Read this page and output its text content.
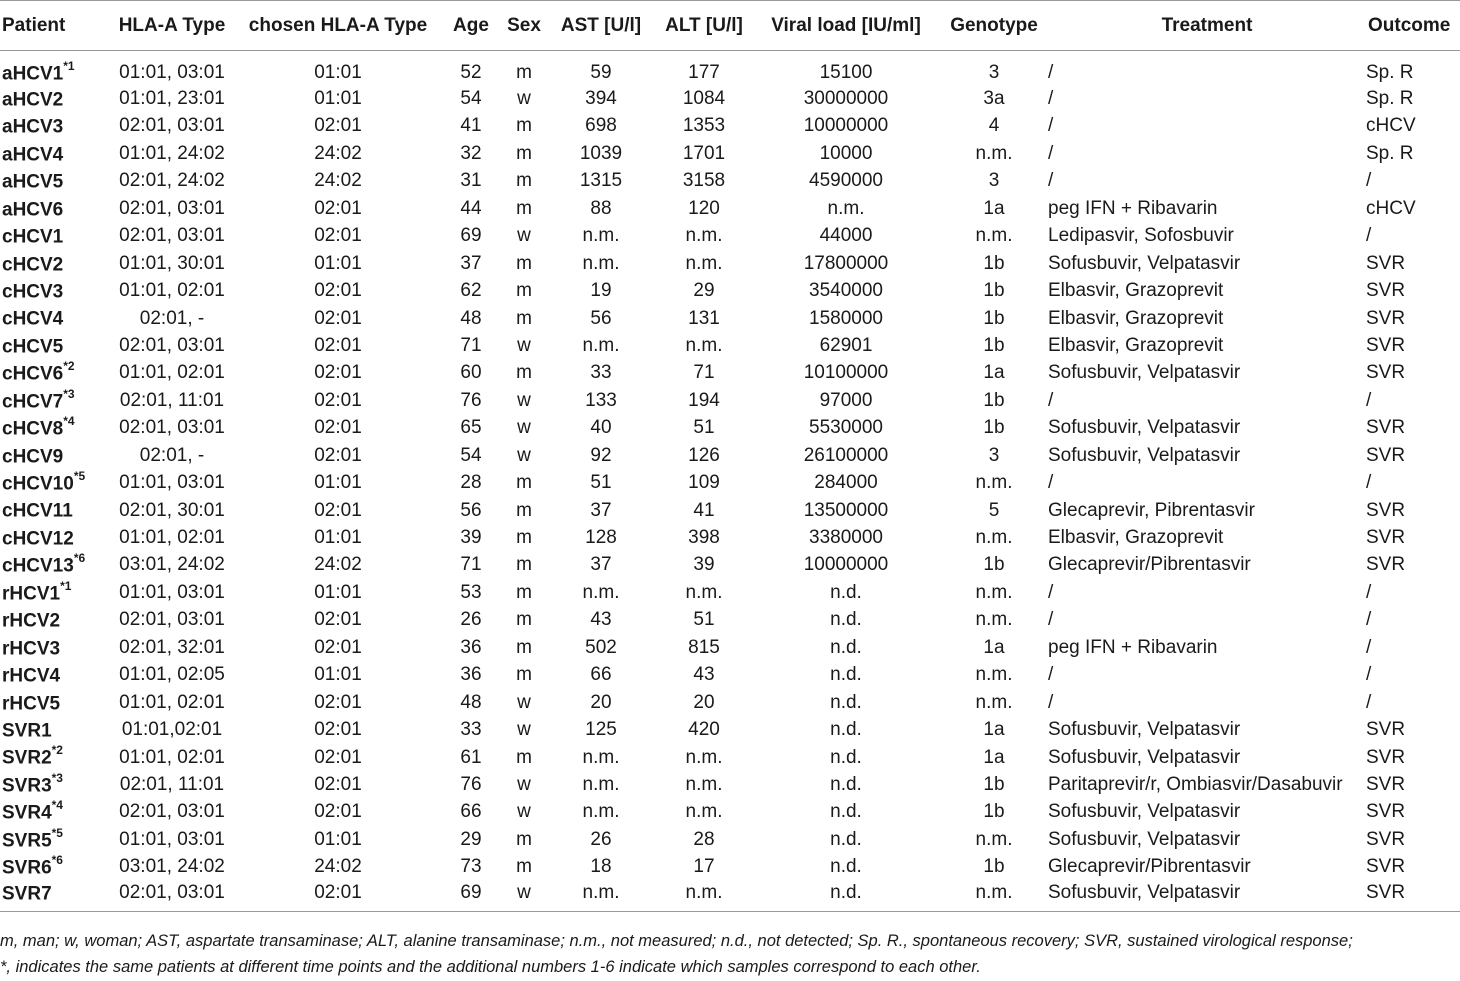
Patient	HLA-A Type	chosen HLA-A Type	Age	Sex	AST [U/l]	ALT [U/l]	Viral load [IU/ml]	Genotype	Treatment	Outcome
aHCV1$^{*1}$	01:01, 03:01	01:01	52	m	59	177	15100	3	/	Sp. R
aHCV2	01:01, 23:01	01:01	54	w	394	1084	30000000	3a	/	Sp. R
aHCV3	02:01, 03:01	02:01	41	m	698	1353	10000000	4	/	cHCV
aHCV4	01:01, 24:02	24:02	32	m	1039	1701	10000	n.m.	/	Sp. R
aHCV5	02:01, 24:02	24:02	31	m	1315	3158	4590000	3	/	/
aHCV6	02:01, 03:01	02:01	44	m	88	120	n.m.	1a	peg IFN + Ribavarin	cHCV
cHCV1	02:01, 03:01	02:01	69	w	n.m.	n.m.	44000	n.m.	Ledipasvir, Sofosbuvir	/
cHCV2	01:01, 30:01	01:01	37	m	n.m.	n.m.	17800000	1b	Sofusbuvir, Velpatasvir	SVR
cHCV3	01:01, 02:01	02:01	62	m	19	29	3540000	1b	Elbasvir, Grazoprevit	SVR
cHCV4	02:01, -	02:01	48	m	56	131	1580000	1b	Elbasvir, Grazoprevit	SVR
cHCV5	02:01, 03:01	02:01	71	w	n.m.	n.m.	62901	1b	Elbasvir, Grazoprevit	SVR
cHCV6$^{*2}$	01:01, 02:01	02:01	60	m	33	71	10100000	1a	Sofusbuvir, Velpatasvir	SVR
cHCV7$^{*3}$	02:01, 11:01	02:01	76	w	133	194	97000	1b	/	/
cHCV8$^{*4}$	02:01, 03:01	02:01	65	w	40	51	5530000	1b	Sofusbuvir, Velpatasvir	SVR
cHCV9	02:01, -	02:01	54	w	92	126	26100000	3	Sofusbuvir, Velpatasvir	SVR
cHCV10$^{*5}$	01:01, 03:01	01:01	28	m	51	109	284000	n.m.	/	/
cHCV11	02:01, 30:01	02:01	56	m	37	41	13500000	5	Glecaprevir, Pibrentasvir	SVR
cHCV12	01:01, 02:01	01:01	39	m	128	398	3380000	n.m.	Elbasvir, Grazoprevit	SVR
cHCV13$^{*6}$	03:01, 24:02	24:02	71	m	37	39	10000000	1b	Glecaprevir/Pibrentasvir	SVR
rHCV1$^{*1}$	01:01, 03:01	01:01	53	m	n.m.	n.m.	n.d.	n.m.	/	/
rHCV2	02:01, 03:01	02:01	26	m	43	51	n.d.	n.m.	/	/
rHCV3	02:01, 32:01	02:01	36	m	502	815	n.d.	1a	peg IFN + Ribavarin	/
rHCV4	01:01, 02:05	01:01	36	m	66	43	n.d.	n.m.	/	/
rHCV5	01:01, 02:01	02:01	48	w	20	20	n.d.	n.m.	/	/
SVR1	01:01,02:01	02:01	33	w	125	420	n.d.	1a	Sofusbuvir, Velpatasvir	SVR
SVR2$^{*2}$	01:01, 02:01	02:01	61	m	n.m.	n.m.	n.d.	1a	Sofusbuvir, Velpatasvir	SVR
SVR3$^{*3}$	02:01, 11:01	02:01	76	w	n.m.	n.m.	n.d.	1b	Paritaprevir/r, Ombiasvir/Dasabuvir	SVR
SVR4$^{*4}$	02:01, 03:01	02:01	66	w	n.m.	n.m.	n.d.	1b	Sofusbuvir, Velpatasvir	SVR
SVR5$^{*5}$	01:01, 03:01	01:01	29	m	26	28	n.d.	n.m.	Sofusbuvir, Velpatasvir	SVR
SVR6$^{*6}$	03:01, 24:02	24:02	73	m	18	17	n.d.	1b	Glecaprevir/Pibrentasvir	SVR
SVR7	02:01, 03:01	02:01	69	w	n.m.	n.m.	n.d.	n.m.	Sofusbuvir, Velpatasvir	SVR

m, man; w, woman; AST, aspartate transaminase; ALT, alanine transaminase; n.m., not measured; n.d., not detected; Sp. R., spontaneous recovery; SVR, sustained virological response;

*, indicates the same patients at different time points and the additional numbers 1-6 indicate which samples correspond to each other.
